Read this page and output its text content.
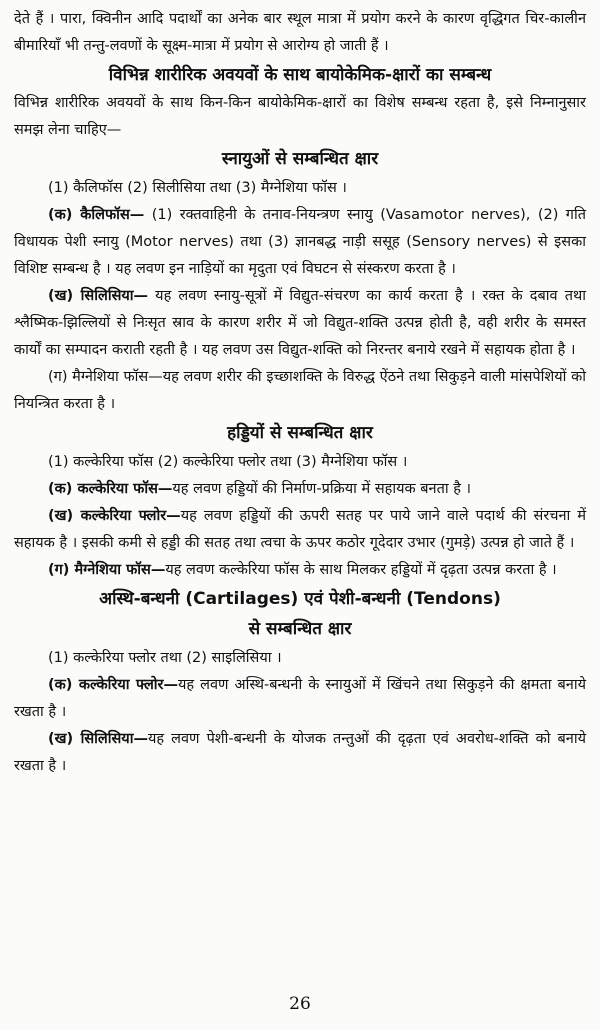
देते हैं । पारा, क्विनीन आदि पदार्थों का अनेक बार स्थूल मात्रा में प्रयोग करने के कारण वृद्धिगत चिर-कालीन बीमारियाँ भी तन्तु-लवणों के सूक्ष्म-मात्रा में प्रयोग से आरोग्य हो जाती हैं ।

विभिन्न शारीरिक अवयवों के साथ बायोकेमिक-क्षारों का सम्बन्ध

विभिन्न शारीरिक अवयवों के साथ किन-किन बायोकेमिक-क्षारों का विशेष सम्बन्ध रहता है, इसे निम्नानुसार समझ लेना चाहिए—

स्नायुओं से सम्बन्धित क्षार
(1) कैलिफॉस (2) सिलीसिया तथा (3) मैग्नेशिया फॉस ।

(क) कैलिफॉस— (1) रक्तवाहिनी के तनाव-नियन्त्रण स्नायु (Vasamotor nerves), (2) गति विधायक पेशी स्नायु (Motor nerves) तथा (3) ज्ञानबद्ध नाड़ी ससूह (Sensory nerves) से इसका विशिष्ट सम्बन्ध है । यह लवण इन नाड़ियों का मृदुता एवं विघटन से संस्करण करता है ।

(ख) सिलिसिया— यह लवण स्नायु-सूत्रों में विद्युत-संचरण का कार्य करता है । रक्त के दबाव तथा श्लैष्मिक-झिल्लियों से निःसृत स्राव के कारण शरीर में जो विद्युत-शक्ति उत्पन्न होती है, वही शरीर के समस्त कार्यों का सम्पादन कराती रहती है । यह लवण उस विद्युत-शक्ति को निरन्तर बनाये रखने में सहायक होता है ।

(ग) मैग्नेशिया फॉस—यह लवण शरीर की इच्छाशक्ति के विरुद्ध ऐंठने तथा सिकुड़ने वाली मांसपेशियों को नियन्त्रित करता है ।

हड्डियों से सम्बन्धित क्षार
(1) कल्केरिया फॉस (2) कल्केरिया फ्लोर तथा (3) मैग्नेशिया फॉस ।

(क) कल्केरिया फॉस—यह लवण हड्डियों की निर्माण-प्रक्रिया में सहायक बनता है ।

(ख) कल्केरिया फ्लोर—यह लवण हड्डियों की ऊपरी सतह पर पाये जाने वाले पदार्थ की संरचना में सहायक है । इसकी कमी से हड्डी की सतह तथा त्वचा के ऊपर कठोर गूदेदार उभार (गुमड़े) उत्पन्न हो जाते हैं ।

(ग) मैग्नेशिया फॉस—यह लवण कल्केरिया फॉस के साथ मिलकर हड्डियों में दृढ़ता उत्पन्न करता है ।

अस्थि-बन्धनी (Cartilages) एवं पेशी-बन्धनी (Tendons)
से सम्बन्धित क्षार
(1) कल्केरिया फ्लोर तथा (2) साइलिसिया ।

(क) कल्केरिया फ्लोर—यह लवण अस्थि-बन्धनी के स्नायुओं में खिंचने तथा सिकुड़ने की क्षमता बनाये रखता है ।

(ख) सिलिसिया—यह लवण पेशी-बन्धनी के योजक तन्तुओं की दृढ़ता एवं अवरोध-शक्ति को बनाये रखता है ।

26
